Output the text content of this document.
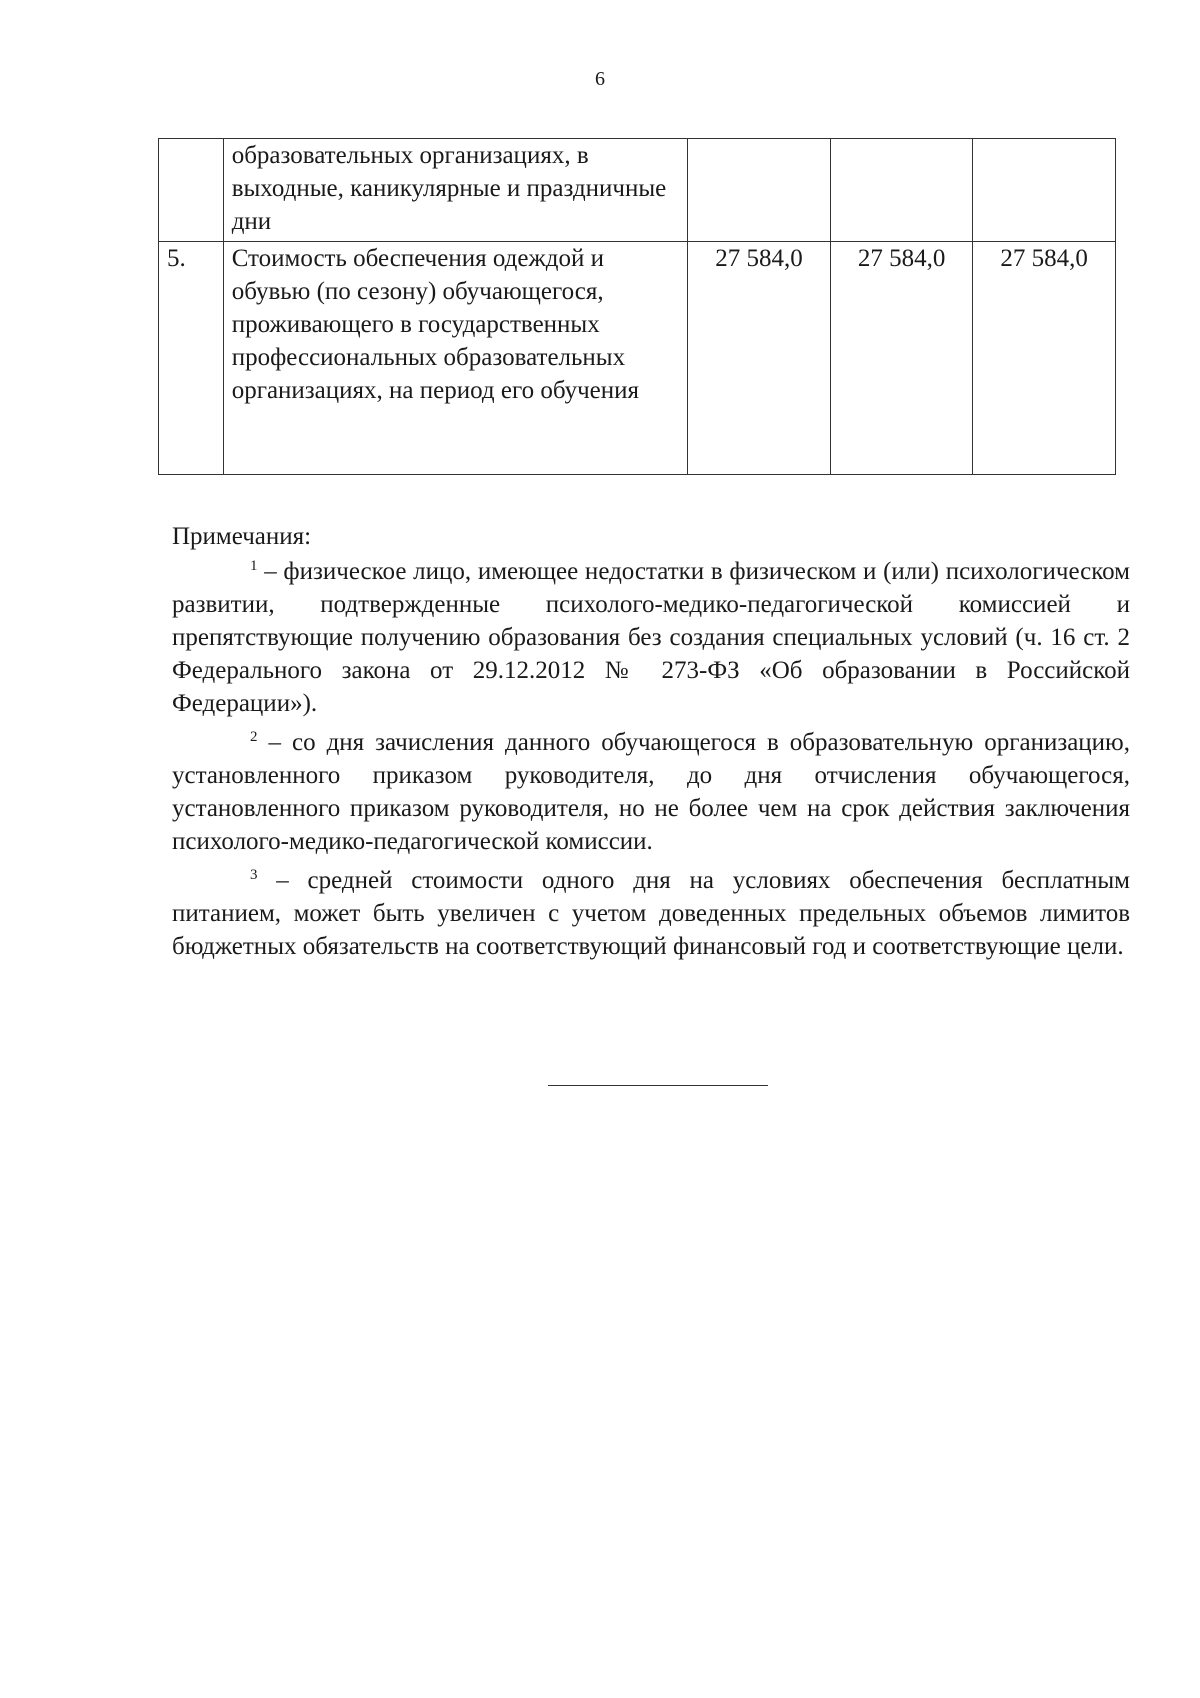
6
	образовательных организациях, в выходные, каникулярные и праздничные дни			
5.	Стоимость обеспечения одеждой и обувью (по сезону) обучающегося, проживающего в государственных профессиональных образовательных организациях, на период его обучения	27 584,0	27 584,0	27 584,0

Примечания:

$^1$ – физическое лицо, имеющее недостатки в физическом и (или) психологическом развитии, подтвержденные психолого-медико-педагогической комиссией и препятствующие получению образования без создания специальных условий (ч. 16 ст. 2 Федерального закона от 29.12.2012 № 273-ФЗ «Об образовании в Российской Федерации»).

$^2$ – со дня зачисления данного обучающегося в образовательную организацию, установленного приказом руководителя, до дня отчисления обучающегося, установленного приказом руководителя, но не более чем на срок действия заключения психолого-медико-педагогической комиссии.

$^3$ – средней стоимости одного дня на условиях обеспечения бесплатным питанием, может быть увеличен с учетом доведенных предельных объемов лимитов бюджетных обязательств на соответствующий финансовый год и соответствующие цели.
